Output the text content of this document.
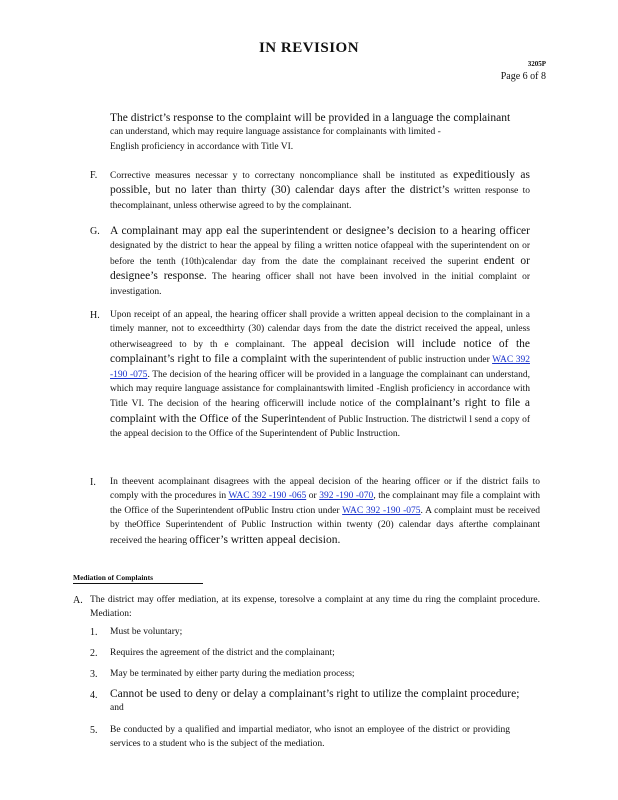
IN REVISION
3205P
Page 6 of 8
The district’s response to the complaint will be provided in a language the complainant
can understand, which may require language assistance for complainants with limited -
English proficiency in accordance with Title VI.
F. Corrective measures necessar y to correctany noncompliance shall be instituted as expeditiously as possible, but no later than thirty (30) calendar days after the district’s written response to thecomplainant, unless otherwise agreed to by the complainant.
G. A complainant may app eal the superintendent or designee’s decision to a hearing officer designated by the district to hear the appeal by filing a written notice ofappeal with the superintendent on or before the tenth (10th)calendar day from the date the complainant received the superint endent or designee’s response. The hearing officer shall not have been involved in the initial complaint or investigation.
H. Upon receipt of an appeal, the hearing officer shall provide a written appeal decision to the complainant in a timely manner, not to exceedthirty (30) calendar days from the date the district received the appeal, unless otherwiseagreed to by th e complainant. The appeal decision will include notice of the complainant’s right to file a complaint with the superintendent of public instruction under WAC 392 -190 -075. The decision of the hearing officer will be provided in a language the complainant can understand, which may require language assistance for complainantswith limited -English proficiency in accordance with Title VI. The decision of the hearing officerwill include notice of the complainant’s right to file a complaint with the Office of the Superintendent of Public Instruction. The districtwil l send a copy of the appeal decision to the Office of the Superintendent of Public Instruction.
I. In theevent acomplainant disagrees with the appeal decision of the hearing officer or if the district fails to comply with the procedures in WAC 392 -190 -065 or 392 -190 -070, the complainant may file a complaint with the Office of the Superintendent ofPublic Instru ction under WAC 392 -190 -075. A complaint must be received by theOffice Superintendent of Public Instruction within twenty (20) calendar days afterthe complainant received the hearing officer’s written appeal decision.
Mediation of Complaints
A. The district may offer mediation, at its expense, toresolve a complaint at any time du ring the complaint procedure. Mediation:
1. Must be voluntary;
2. Requires the agreement of the district and the complainant;
3. May be terminated by either party during the mediation process;
4. Cannot be used to deny or delay a complainant’s right to utilize the complaint procedure;
and
5. Be conducted by a qualified and impartial mediator, who isnot an employee of the district or providing services to a student who is the subject of the mediation.
